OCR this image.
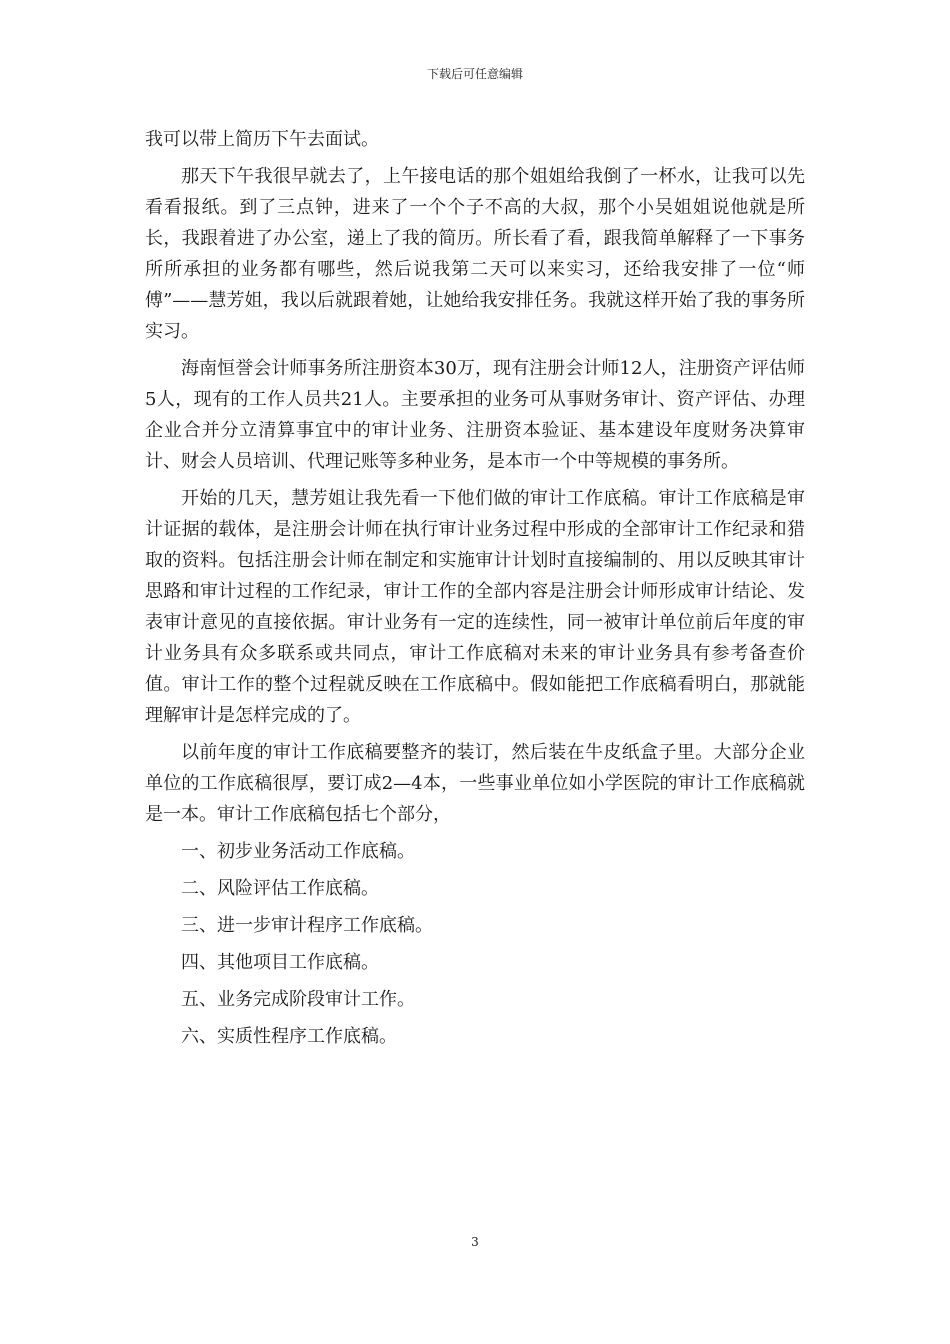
下载后可任意编辑

我可以带上简历下午去面试。

那天下午我很早就去了，上午接电话的那个姐姐给我倒了一杯水，让我可以先看看报纸。到了三点钟，进来了一个个子不高的大叔，那个小吴姐姐说他就是所长，我跟着进了办公室，递上了我的简历。所长看了看，跟我简单解释了一下事务所所承担的业务都有哪些，然后说我第二天可以来实习，还给我安排了一位“师傅”——慧芳姐，我以后就跟着她，让她给我安排任务。我就这样开始了我的事务所实习。

海南恒誉会计师事务所注册资本30万，现有注册会计师12人，注册资产评估师5人，现有的工作人员共21人。主要承担的业务可从事财务审计、资产评估、办理企业合并分立清算事宜中的审计业务、注册资本验证、基本建设年度财务决算审计、财会人员培训、代理记账等多种业务，是本市一个中等规模的事务所。

开始的几天，慧芳姐让我先看一下他们做的审计工作底稿。审计工作底稿是审计证据的载体，是注册会计师在执行审计业务过程中形成的全部审计工作纪录和猎取的资料。包括注册会计师在制定和实施审计计划时直接编制的、用以反映其审计思路和审计过程的工作纪录，审计工作的全部内容是注册会计师形成审计结论、发表审计意见的直接依据。审计业务有一定的连续性，同一被审计单位前后年度的审计业务具有众多联系或共同点，审计工作底稿对未来的审计业务具有参考备查价值。审计工作的整个过程就反映在工作底稿中。假如能把工作底稿看明白，那就能理解审计是怎样完成的了。

以前年度的审计工作底稿要整齐的装订，然后装在牛皮纸盒子里。大部分企业单位的工作底稿很厚，要订成2—4本，一些事业单位如小学医院的审计工作底稿就是一本。审计工作底稿包括七个部分，

一、初步业务活动工作底稿。
二、风险评估工作底稿。
三、进一步审计程序工作底稿。
四、其他项目工作底稿。
五、业务完成阶段审计工作。
六、实质性程序工作底稿。
3
